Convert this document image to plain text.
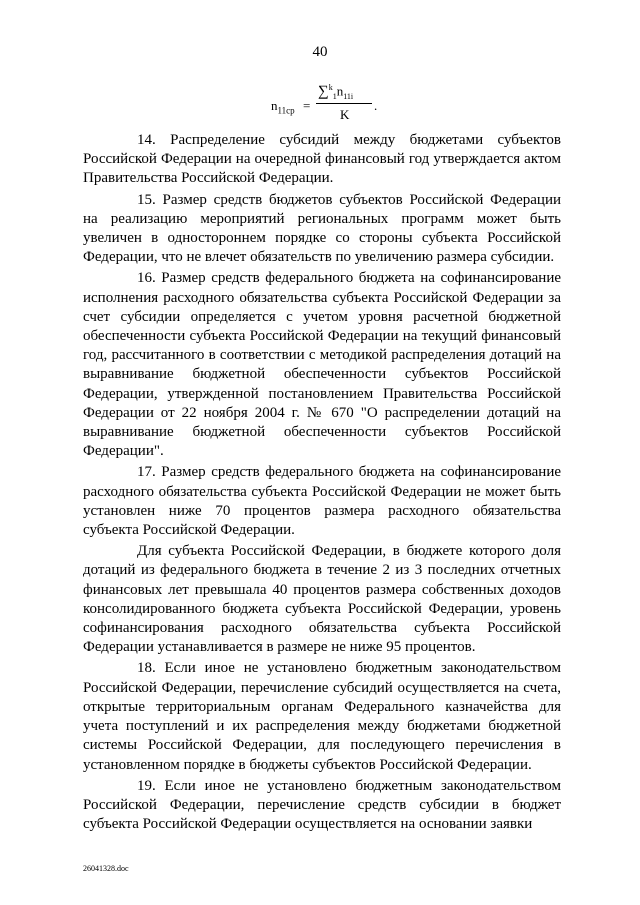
40
$n_{11ср}$ =
$\sum^k_1n_{11i}$
K
.

14. Распределение субсидий между бюджетами субъектов Российской Федерации на очередной финансовый год утверждается актом Правительства Российской Федерации.

15. Размер средств бюджетов субъектов Российской Федерации на реализацию мероприятий региональных программ может быть увеличен в одностороннем порядке со стороны субъекта Российской Федерации, что не влечет обязательств по увеличению размера субсидии.

16. Размер средств федерального бюджета на софинансирование исполнения расходного обязательства субъекта Российской Федерации за счет субсидии определяется с учетом уровня расчетной бюджетной обеспеченности субъекта Российской Федерации на текущий финансовый год, рассчитанного в соответствии с методикой распределения дотаций на выравнивание бюджетной обеспеченности субъектов Российской Федерации, утвержденной постановлением Правительства Российской Федерации от 22 ноября 2004 г. № 670 "О распределении дотаций на выравнивание бюджетной обеспеченности субъектов Российской Федерации".

17. Размер средств федерального бюджета на софинансирование расходного обязательства субъекта Российской Федерации не может быть установлен ниже 70 процентов размера расходного обязательства субъекта Российской Федерации.

Для субъекта Российской Федерации, в бюджете которого доля дотаций из федерального бюджета в течение 2 из 3 последних отчетных финансовых лет превышала 40 процентов размера собственных доходов консолидированного бюджета субъекта Российской Федерации, уровень софинансирования расходного обязательства субъекта Российской Федерации устанавливается в размере не ниже 95 процентов.

18. Если иное не установлено бюджетным законодательством Российской Федерации, перечисление субсидий осуществляется на счета, открытые территориальным органам Федерального казначейства для учета поступлений и их распределения между бюджетами бюджетной системы Российской Федерации, для последующего перечисления в установленном порядке в бюджеты субъектов Российской Федерации.

19. Если иное не установлено бюджетным законодательством Российской Федерации, перечисление средств субсидии в бюджет субъекта Российской Федерации осуществляется на основании заявки

26041328.doc
